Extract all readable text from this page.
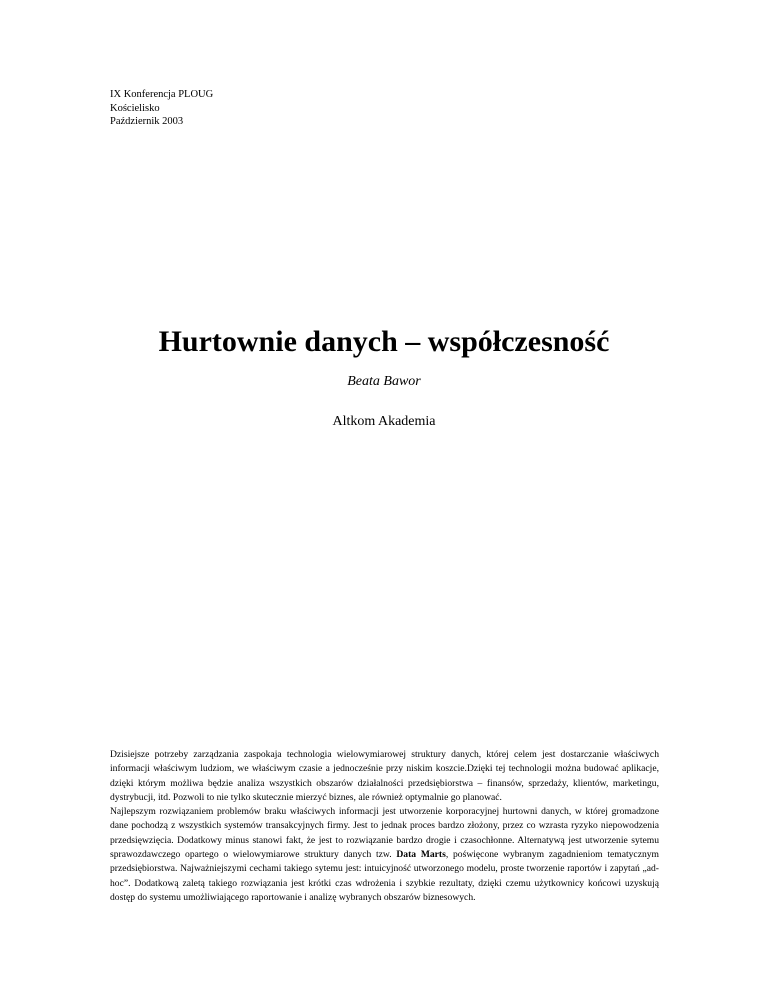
IX Konferencja PLOUG
Kościelisko
Październik 2003
Hurtownie danych – współczesność
Beata Bawor
Altkom Akademia

Dzisiejsze potrzeby zarządzania zaspokaja technologia wielowymiarowej struktury danych, której celem jest dostarczanie właściwych informacji właściwym ludziom, we właściwym czasie a jednocześnie przy niskim koszcie.Dzięki tej technologii można budować aplikacje, dzięki którym możliwa będzie analiza wszystkich obszarów działalności przedsiębiorstwa – finansów, sprzedaży, klientów, marketingu, dystrybucji, itd. Pozwoli to nie tylko skutecznie mierzyć biznes, ale również optymalnie go planować.

Najlepszym rozwiązaniem problemów braku właściwych informacji jest utworzenie korporacyjnej hurtowni danych, w której gromadzone dane pochodzą z wszystkich systemów transakcyjnych firmy. Jest to jednak proces bardzo złożony, przez co wzrasta ryzyko niepowodzenia przedsięwzięcia. Dodatkowy minus stanowi fakt, że jest to rozwiązanie bardzo drogie i czasochłonne. Alternatywą jest utworzenie sytemu sprawozdawczego opartego o wielowymiarowe struktury danych tzw. Data Marts, poświęcone wybranym zagadnieniom tematycznym przedsiębiorstwa. Najważniejszymi cechami takiego sytemu jest: intuicyjność utworzonego modelu, proste tworzenie raportów i zapytań „ad-hoc”. Dodatkową zaletą takiego rozwiązania jest krótki czas wdrożenia i szybkie rezultaty, dzięki czemu użytkownicy końcowi uzyskują dostęp do systemu umożliwiającego raportowanie i analizę wybranych obszarów biznesowych.
